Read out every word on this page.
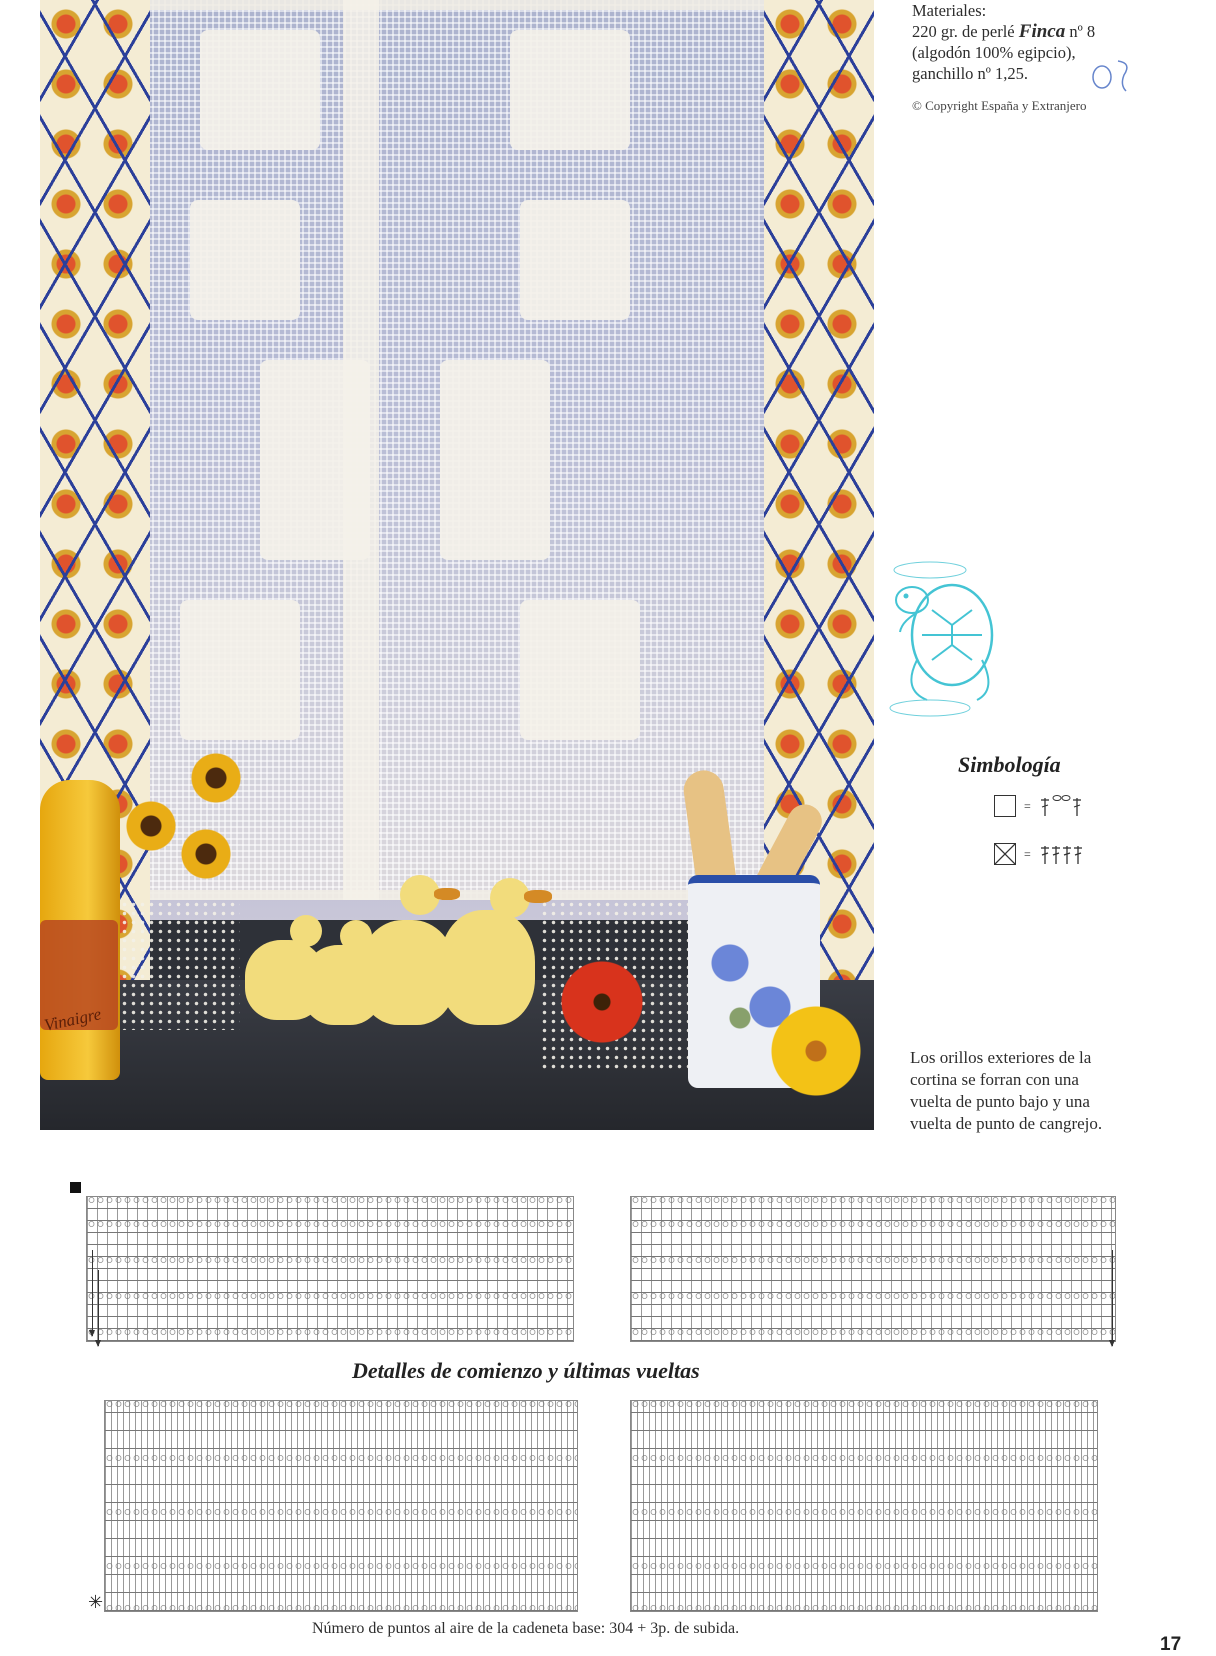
Vinaigre
Materiales:
220 gr. de perlé Finca nº 8
(algodón 100% egipcio),
ganchillo nº 1,25.
© Copyright España y Extranjero
Simbología
=
=
Los orillos exteriores de la
cortina se forran con una
vuelta de punto bajo y una
vuelta de punto de cangrejo.
Detalles de comienzo y últimas vueltas
✳
Número de puntos al aire de la cadeneta base: 304 + 3p. de subida.
17
